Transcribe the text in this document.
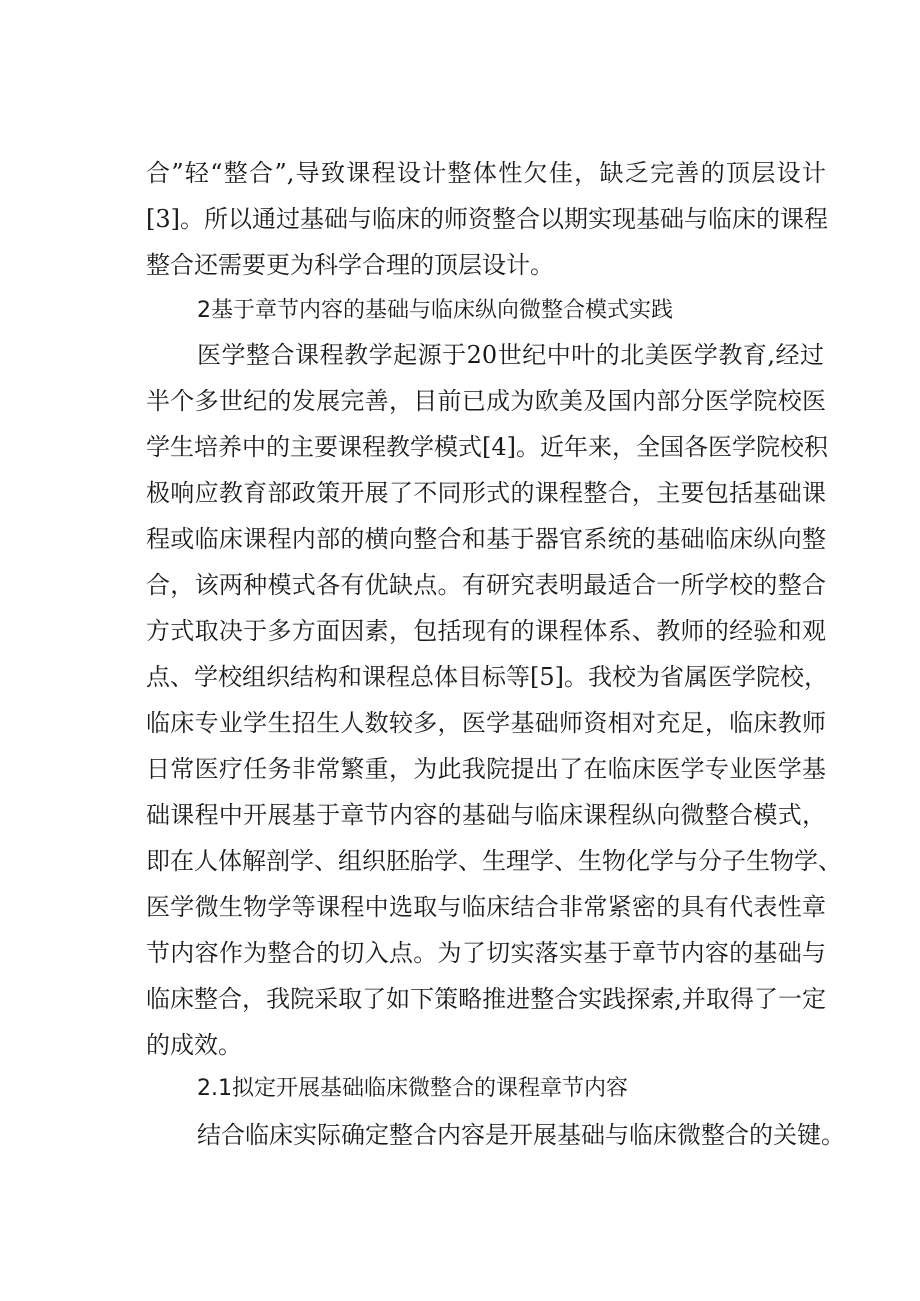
合”轻“整合”,导致课程设计整体性欠佳，缺乏完善的顶层设计
[3]。所以通过基础与临床的师资整合以期实现基础与临床的课程
整合还需要更为科学合理的顶层设计。
2基于章节内容的基础与临床纵向微整合模式实践
医学整合课程教学起源于20世纪中叶的北美医学教育,经过
半个多世纪的发展完善，目前已成为欧美及国内部分医学院校医
学生培养中的主要课程教学模式[4]。近年来，全国各医学院校积
极响应教育部政策开展了不同形式的课程整合，主要包括基础课
程或临床课程内部的横向整合和基于器官系统的基础临床纵向整
合，该两种模式各有优缺点。有研究表明最适合一所学校的整合
方式取决于多方面因素，包括现有的课程体系、教师的经验和观
点、学校组织结构和课程总体目标等[5]。我校为省属医学院校，
临床专业学生招生人数较多，医学基础师资相对充足，临床教师
日常医疗任务非常繁重，为此我院提出了在临床医学专业医学基
础课程中开展基于章节内容的基础与临床课程纵向微整合模式，
即在人体解剖学、组织胚胎学、生理学、生物化学与分子生物学、
医学微生物学等课程中选取与临床结合非常紧密的具有代表性章
节内容作为整合的切入点。为了切实落实基于章节内容的基础与
临床整合，我院采取了如下策略推进整合实践探索,并取得了一定
的成效。
2.1拟定开展基础临床微整合的课程章节内容
结合临床实际确定整合内容是开展基础与临床微整合的关键。
